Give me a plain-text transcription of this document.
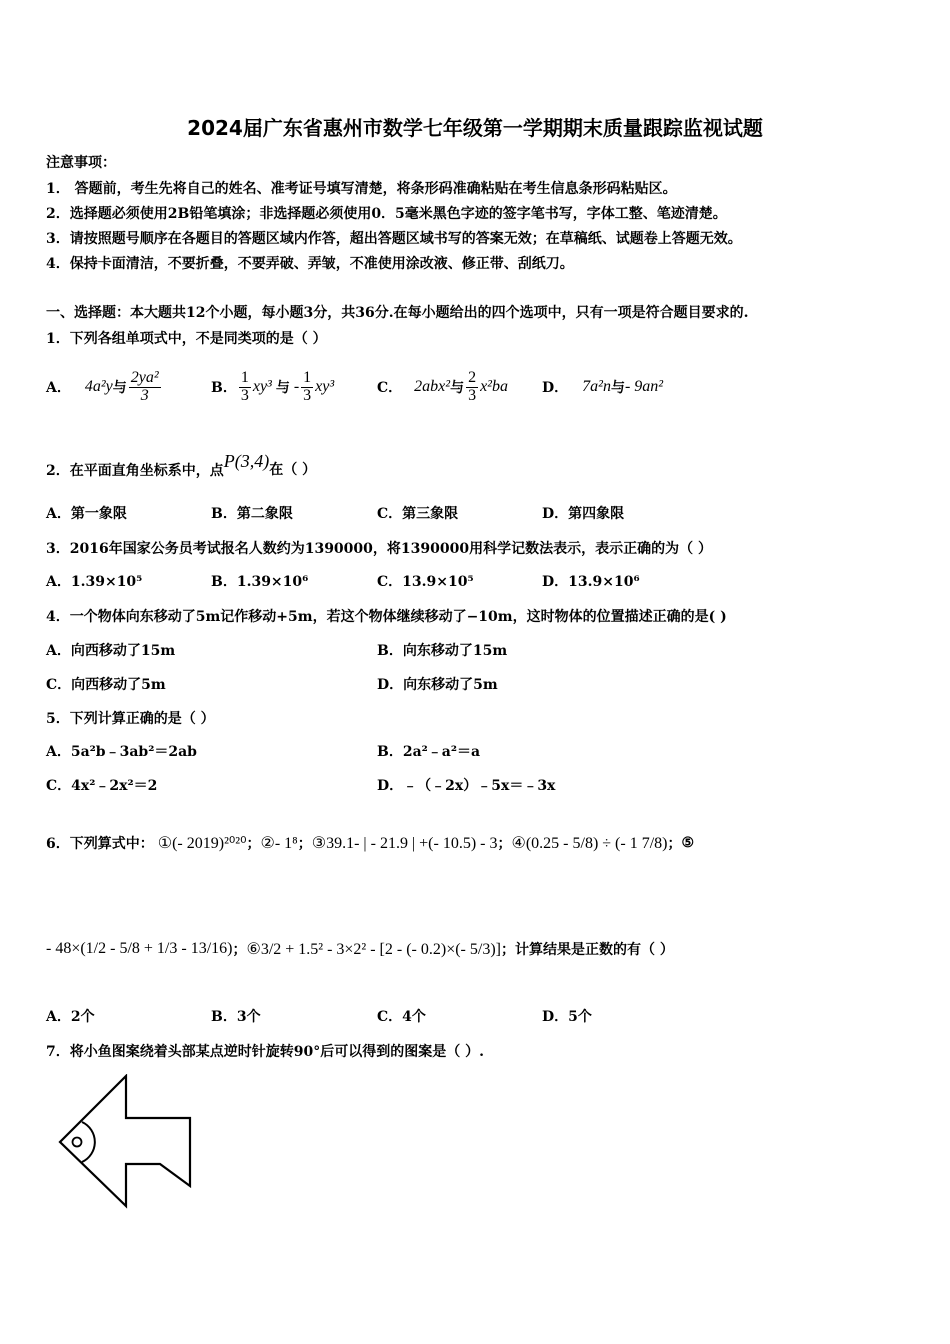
2024届广东省惠州市数学七年级第一学期期末质量跟踪监视试题
注意事项：
1． 答题前，考生先将自己的姓名、准考证号填写清楚，将条形码准确粘贴在考生信息条形码粘贴区。
2．选择题必须使用2B铅笔填涂；非选择题必须使用0．5毫米黑色字迹的签字笔书写，字体工整、笔迹清楚。
3．请按照题号顺序在各题目的答题区域内作答，超出答题区域书写的答案无效；在草稿纸、试题卷上答题无效。
4．保持卡面清洁，不要折叠，不要弄破、弄皱，不准使用涂改液、修正带、刮纸刀。
一、选择题：本大题共12个小题，每小题3分，共36分.在每小题给出的四个选项中，只有一项是符合题目要求的.
1．下列各组单项式中，不是同类项的是（ ）
A． 4a²y 与 $\frac{\text{2ya²}}{3}$	B． $\frac{1}{3} xy^3$ 与 - $\frac{1}{3} xy^3$	C． 2abx² 与 $\frac{2}{3} x^2ba$ D． 7a²n 与 - 9an²
2．在平面直角坐标系中，点
P(3,4) 在（ ）
A．第一象限	B．第二象限	C．第三象限	D．第四象限
3．2016年国家公务员考试报名人数约为1390000，将1390000用科学记数法表示，表示正确的为（ ）
A．1.39×10⁵	B．1.39×10⁶	C．13.9×10⁵	D．13.9×10⁶
4．一个物体向东移动了5m记作移动+5m，若这个物体继续移动了−10m，这时物体的位置描述正确的是( )
A．向西移动了15m	B．向东移动了15m
C．向西移动了5m	D．向东移动了5m
5．下列计算正确的是（ ）
A．5a²b﹣3ab²＝2ab	B．2a²﹣a²＝a
C．4x²﹣2x²＝2	D．﹣（﹣2x）﹣5x＝﹣3x
6．下列算式中： ①(- 2019)²⁰²⁰ ； ②- 1⁸ ； ③39.1- | - 21.9 | +(- 10.5) - 3 ； ④(0.25 - 5/8) ÷ (- 1 7/8) ； ⑤
- 48×(1/2 - 5/8 + 1/3 - 13/16) ； ⑥3/2 + 1.5² - 3×2² - [2 - (- 0.2)×(- 5/3)] ；计算结果是正数的有（ ）
A．2个	B．3个	C．4个	D．5个
7．将小鱼图案绕着头部某点逆时针旋转90°后可以得到的图案是（ ）.
